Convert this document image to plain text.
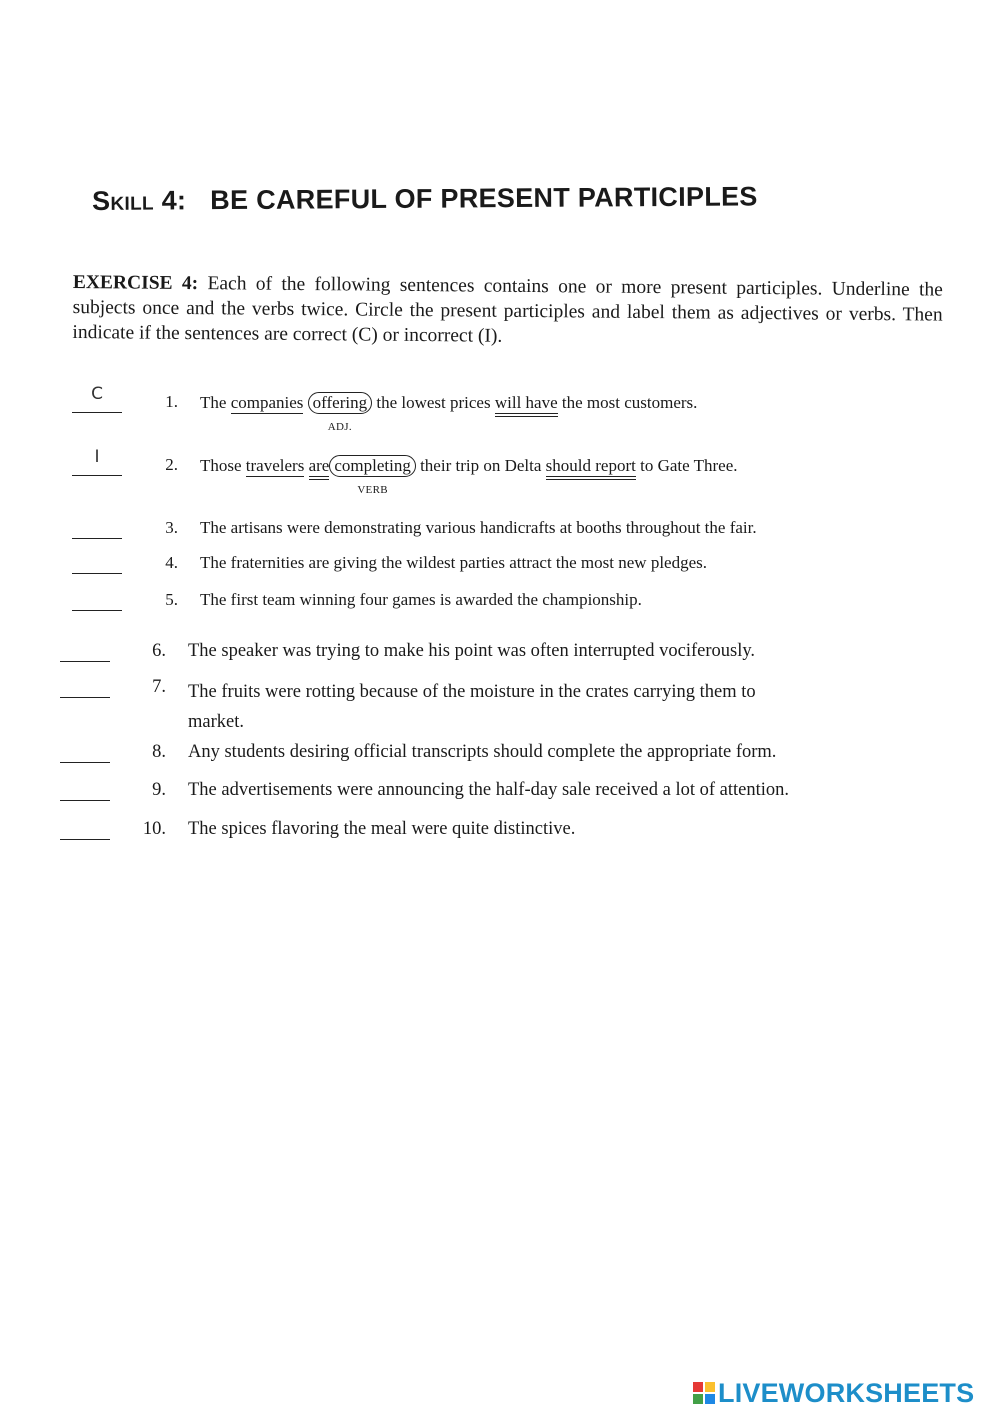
Skill 4: BE CAREFUL OF PRESENT PARTICIPLES
EXERCISE 4: Each of the following sentences contains one or more present participles. Underline the subjects once and the verbs twice. Circle the present participles and label them as adjectives or verbs. Then indicate if the sentences are correct (C) or incorrect (I).
C	1. The companies offering
ADJ.
the lowest prices will have the most customers.
I	2. Those travelers are completing
VERB
their trip on Delta should report to Gate Three.
3. The artisans were demonstrating various handicrafts at booths throughout the fair.
4. The fraternities are giving the wildest parties attract the most new pledges.
5. The first team winning four games is awarded the championship.
6. The speaker was trying to make his point was often interrupted vociferously.
7. The fruits were rotting because of the moisture in the crates carrying them to
market.
8. Any students desiring official transcripts should complete the appropriate form.
9. The advertisements were announcing the half-day sale received a lot of attention.
10. The spices flavoring the meal were quite distinctive.
LIVEWORKSHEETS
